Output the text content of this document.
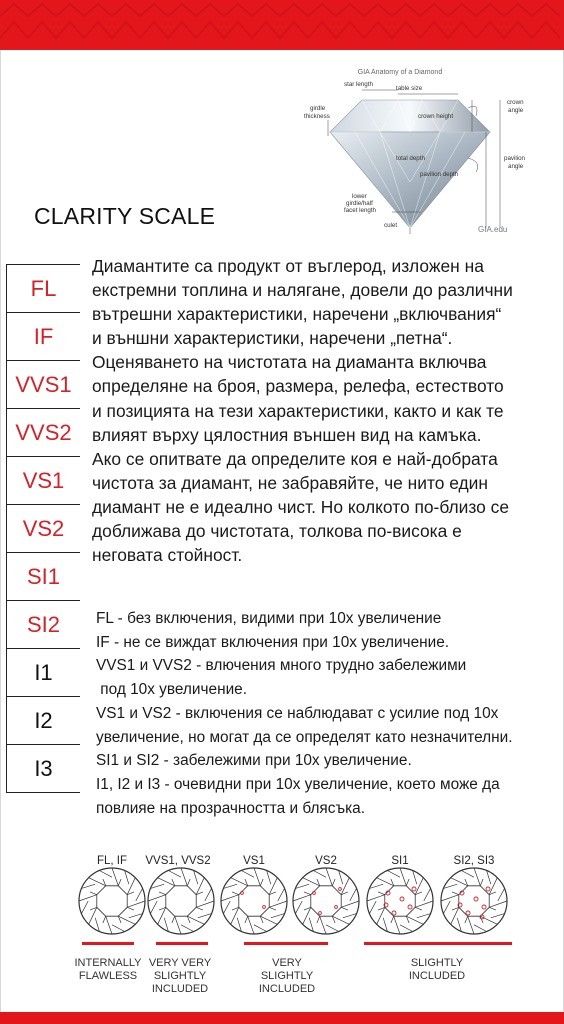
GIA Anatomy of a Diamond
star length
table size
girdle
thickness
crown
angle
crown height
total depth	pavilion
angle
pavilion depth
lower
girdle/half
facet length
culet	GIA.edu
CLARITY SCALE
FL
IF
VVS1
VVS2
VS1
VS2
SI1
SI2
I1
I2
I3
Диамантите са продукт от въглерод, изложен на
екстремни топлина и налягане, довели до различни
вътрешни характеристики, наречени „включвания“
и външни характеристики, наречени „петна“.
Оценяването на чистотата на диаманта включва
определяне на броя, размера, релефа, естеството
и позицията на тези характеристики, както и как те
влияят върху цялостния външен вид на камъка.
Ако се опитвате да определите коя е най-добрата
чистота за диамант, не забравяйте, че нито един
диамант не е идеално чист. Но колкото по-близо се
доближава до чистотата, толкова по-висока е
неговата стойност.
FL - без включения, видими при 10x увеличение
IF - не се виждат включения при 10x увеличение.
VVS1 и VVS2 - влючения много трудно забележими
под 10x увеличение.
VS1 и VS2 - включения се наблюдават с усилие под 10x
увеличение, но могат да се определят като незначителни.
SI1 и SI2 - забележими при 10x увеличение.
I1, I2 и I3 - очевидни при 10x увеличение, което може да
повлияе на прозрачността и блясъка.
FL, IF VVS1, VVS2	VS1	VS2	SI1	SI2, SI3
INTERNALLY
FLAWLESS
VERY VERY
SLIGHTLY
INCLUDED
VERY
SLIGHTLY
INCLUDED
SLIGHTLY
INCLUDED
